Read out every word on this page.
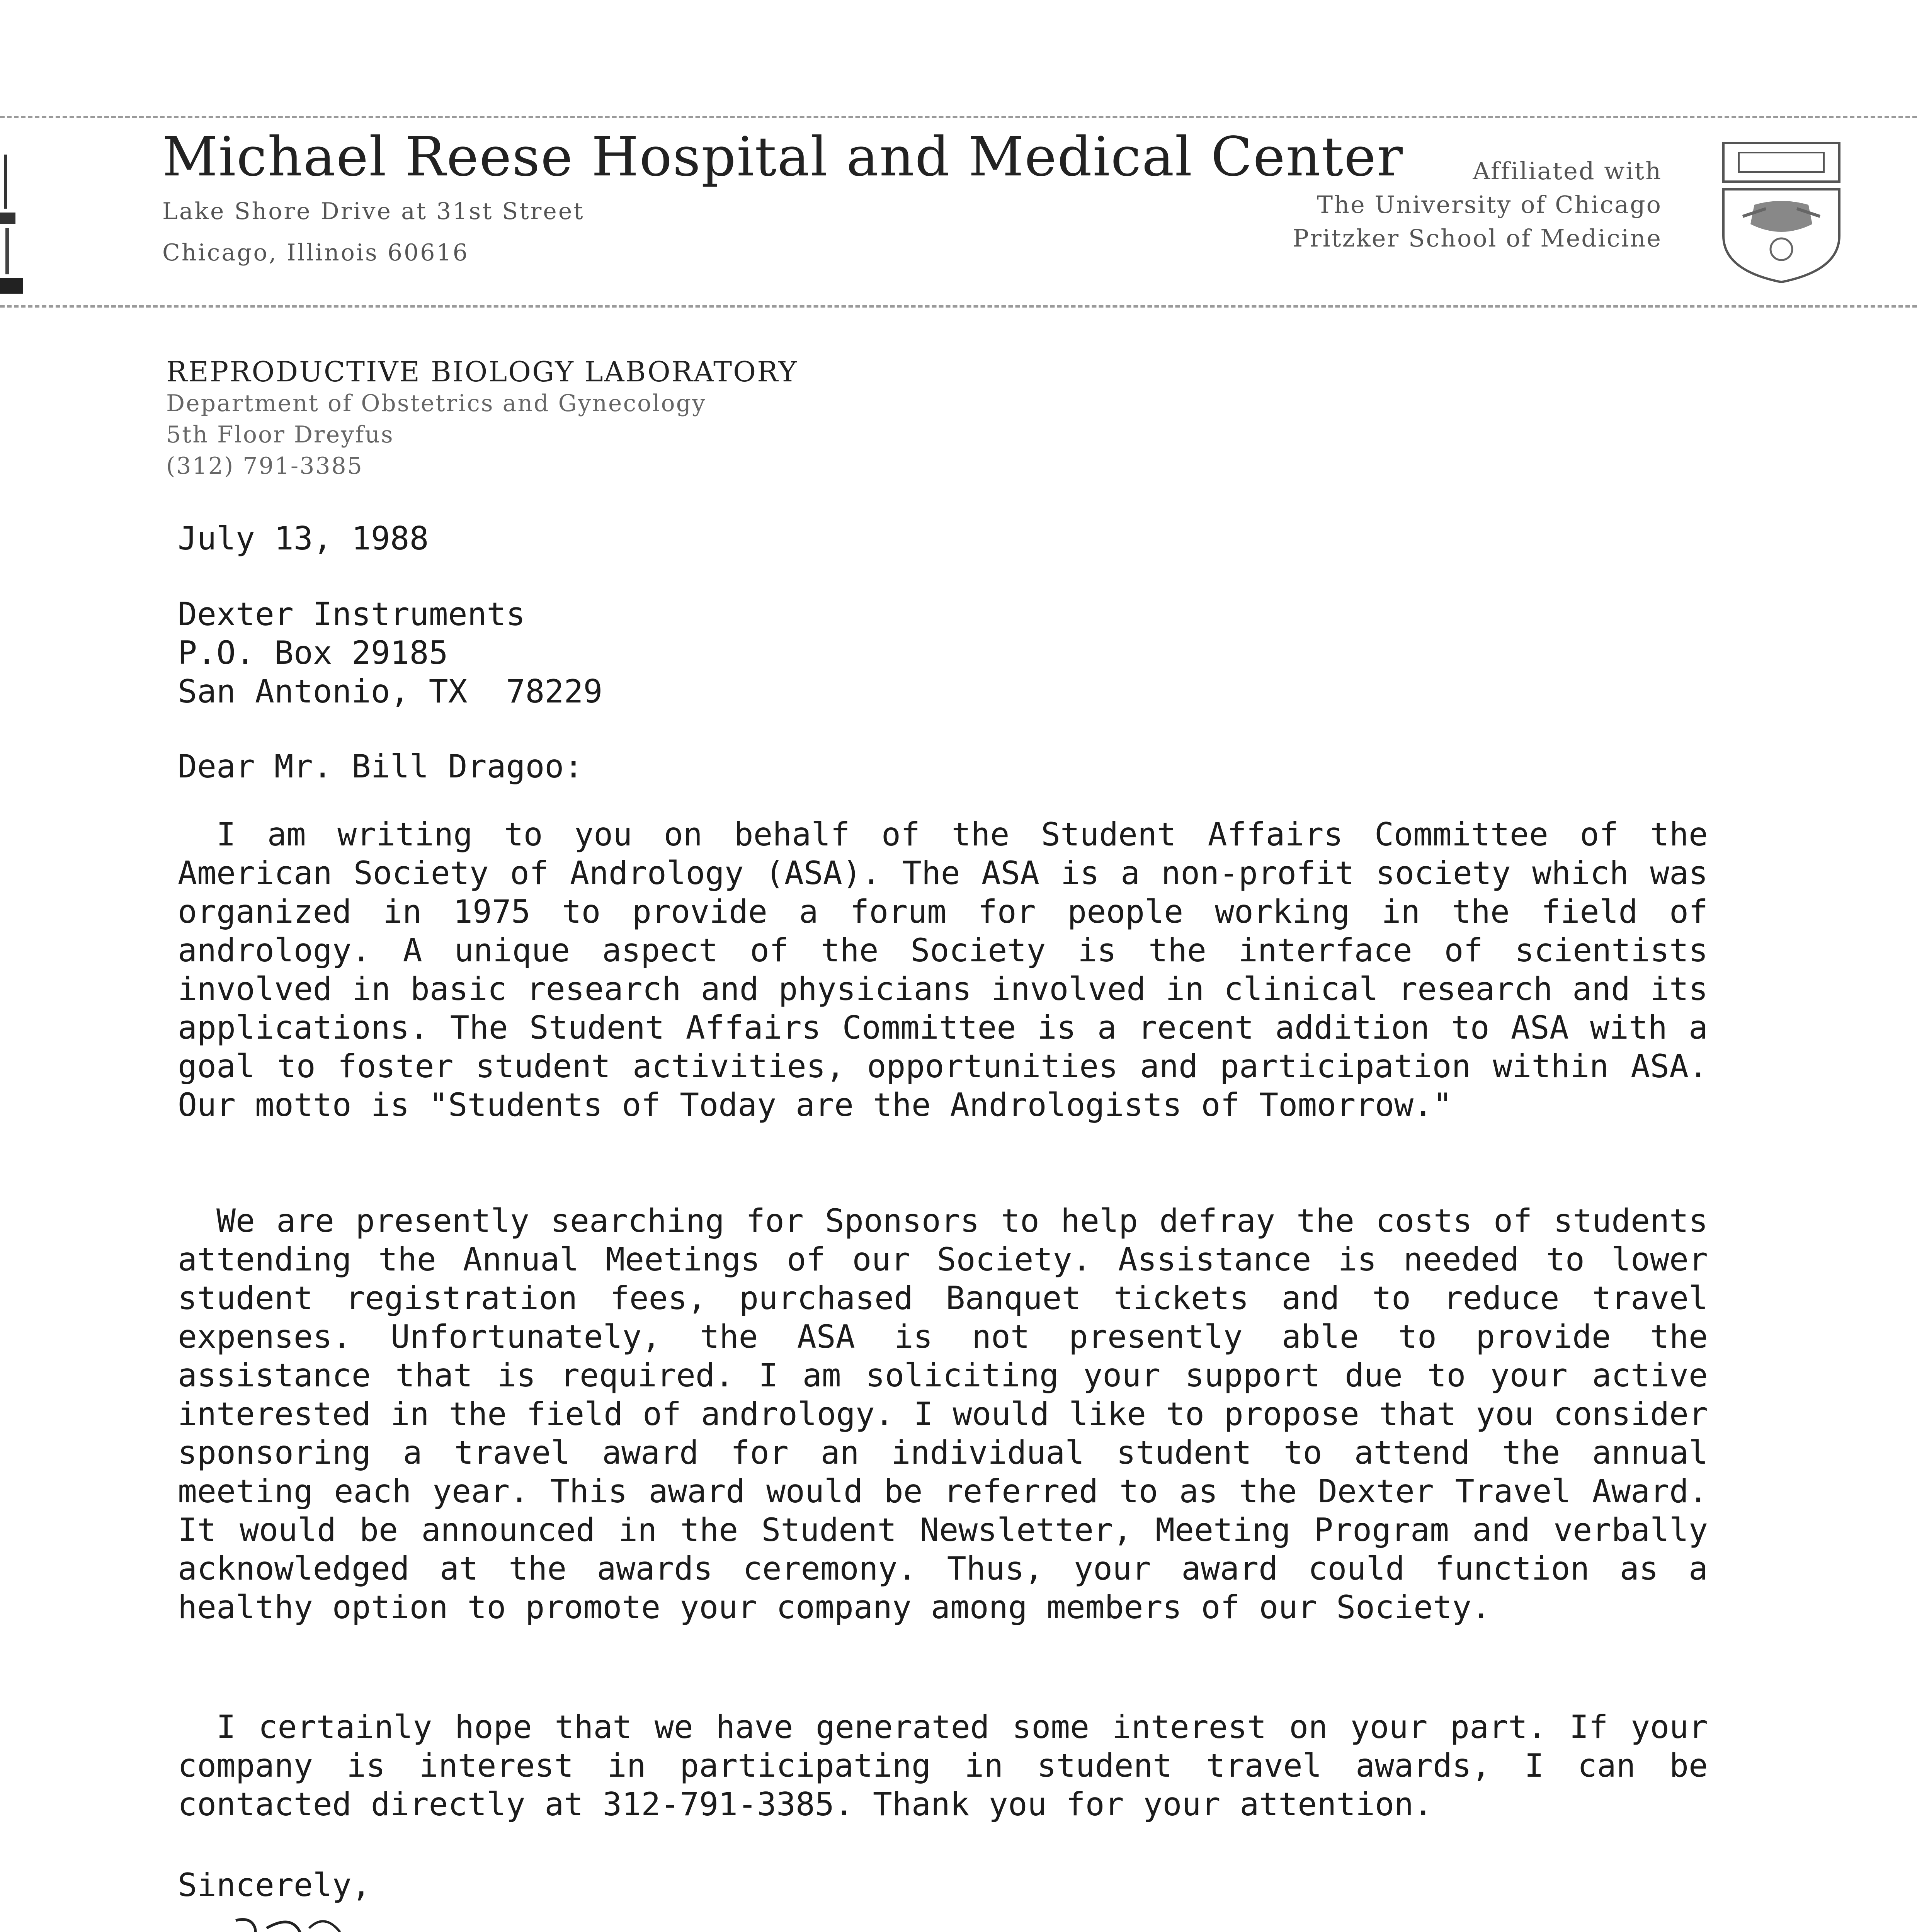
Michael Reese Hospital and Medical Center
Lake Shore Drive at 31st Street
Chicago, Illinois 60616
Affiliated with
The University of Chicago
Pritzker School of Medicine
REPRODUCTIVE BIOLOGY LABORATORY
Department of Obstetrics and Gynecology
5th Floor Dreyfus
(312) 791-3385
July 13, 1988
Dexter Instruments
P.O. Box 29185
San Antonio, TX  78229
Dear Mr. Bill Dragoo:
I am writing to you on behalf of the Student Affairs Committee of the American Society of Andrology (ASA). The ASA is a non-profit society which was organized in 1975 to provide a forum for people working in the field of andrology. A unique aspect of the Society is the interface of scientists involved in basic research and physicians involved in clinical research and its applications. The Student Affairs Committee is a recent addition to ASA with a goal to foster student activities, opportunities and participation within ASA. Our motto is "Students of Today are the Andrologists of Tomorrow."
We are presently searching for Sponsors to help defray the costs of students attending the Annual Meetings of our Society. Assistance is needed to lower student registration fees, purchased Banquet tickets and to reduce travel expenses. Unfortunately, the ASA is not presently able to provide the assistance that is required. I am soliciting your support due to your active interested in the field of andrology. I would like to propose that you consider sponsoring a travel award for an individual student to attend the annual meeting each year. This award would be referred to as the Dexter Travel Award. It would be announced in the Student Newsletter, Meeting Program and verbally acknowledged at the awards ceremony. Thus, your award could function as a healthy option to promote your company among members of our Society.
I certainly hope that we have generated some interest on your part. If your company is interest in participating in student travel awards, I can be contacted directly at 312-791-3385. Thank you for your attention.
Sincerely,
